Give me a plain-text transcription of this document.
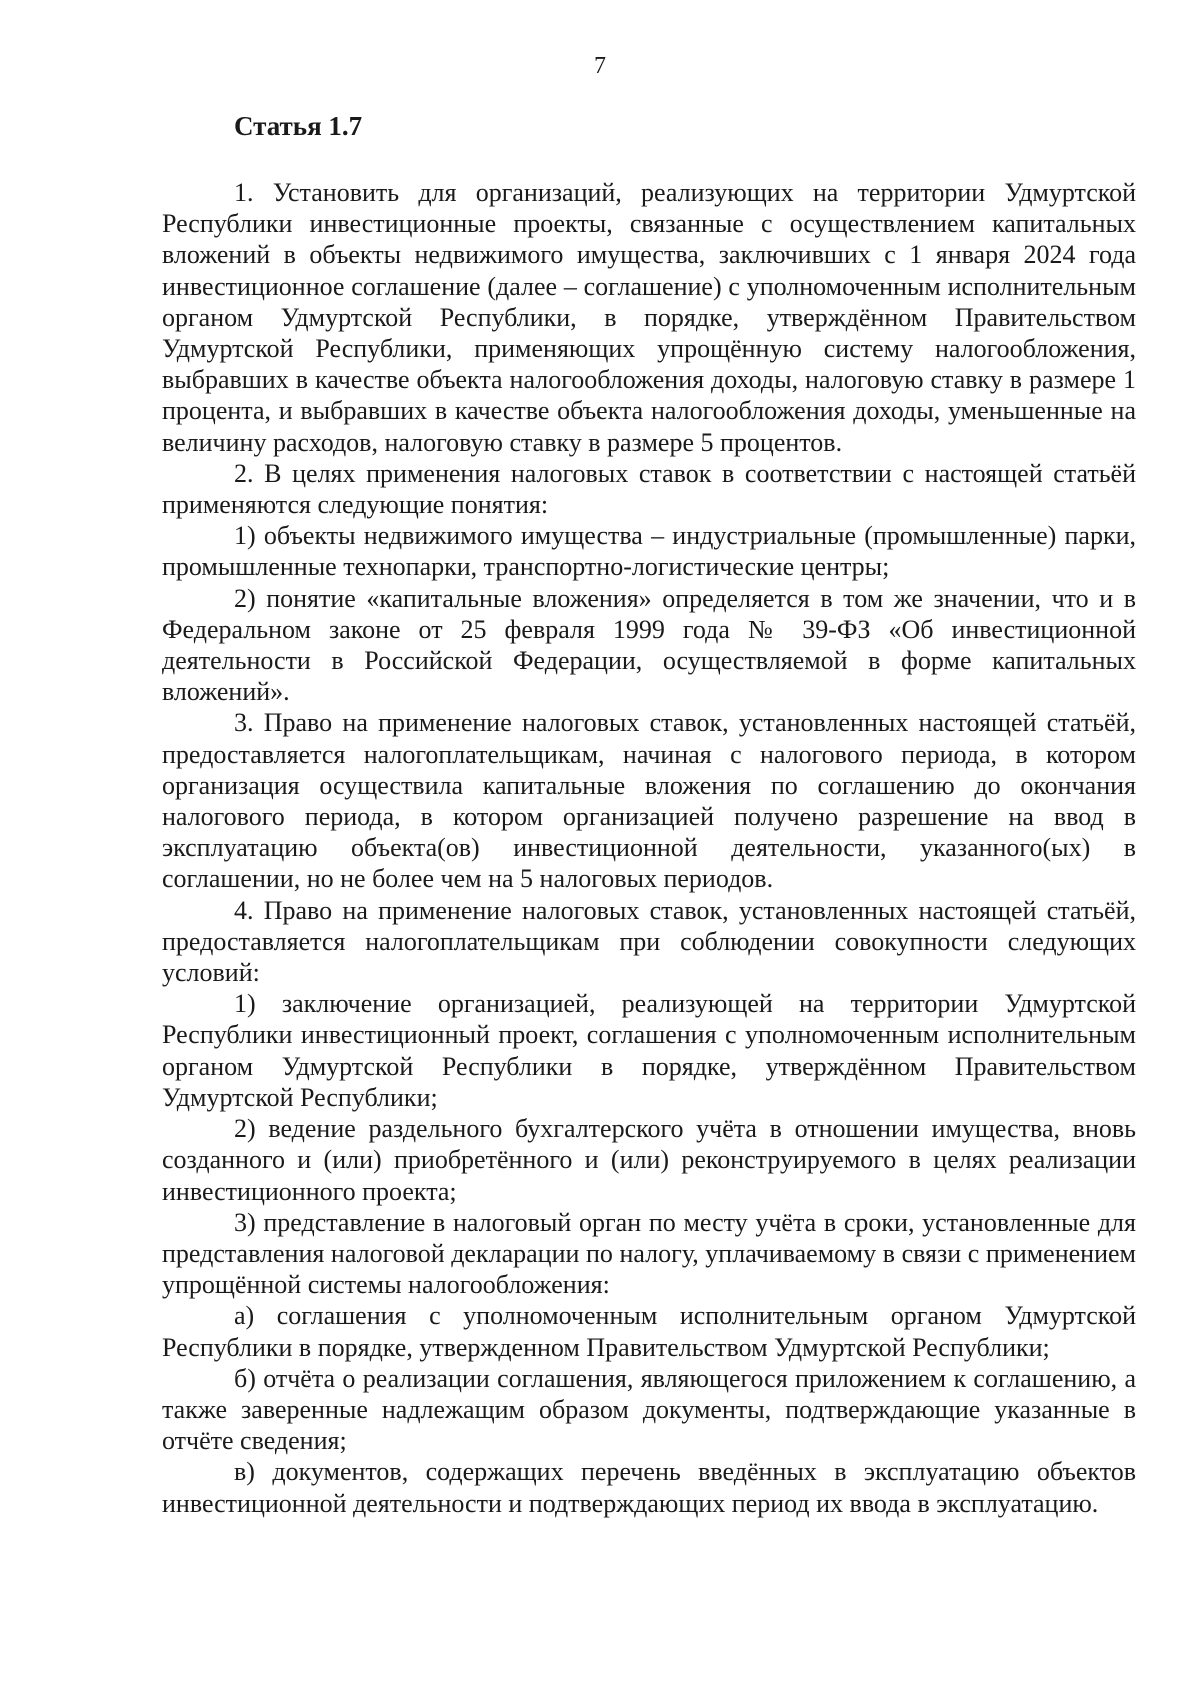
7
Статья 1.7

1. Установить для организаций, реализующих на территории Удмуртской Республики инвестиционные проекты, связанные с осуществлением капитальных вложений в объекты недвижимого имущества, заключивших с 1 января 2024 года инвестиционное соглашение (далее – соглашение) с уполномоченным исполнительным органом Удмуртской Республики, в порядке, утверждённом Правительством Удмуртской Республики, применяющих упрощённую систему налогообложения, выбравших в качестве объекта налогообложения доходы, налоговую ставку в размере 1 процента, и выбравших в качестве объекта налогообложения доходы, уменьшенные на величину расходов, налоговую ставку в размере 5 процентов.

2. В целях применения налоговых ставок в соответствии с настоящей статьёй применяются следующие понятия:

1) объекты недвижимого имущества – индустриальные (промышленные) парки, промышленные технопарки, транспортно-логистические центры;

2) понятие «капитальные вложения» определяется в том же значении, что и в Федеральном законе от 25 февраля 1999 года № 39-ФЗ «Об инвестиционной деятельности в Российской Федерации, осуществляемой в форме капитальных вложений».

3. Право на применение налоговых ставок, установленных настоящей статьёй, предоставляется налогоплательщикам, начиная с налогового периода, в котором организация осуществила капитальные вложения по соглашению до окончания налогового периода, в котором организацией получено разрешение на ввод в эксплуатацию объекта(ов) инвестиционной деятельности, указанного(ых) в соглашении, но не более чем на 5 налоговых периодов.

4. Право на применение налоговых ставок, установленных настоящей статьёй, предоставляется налогоплательщикам при соблюдении совокупности следующих условий:

1) заключение организацией, реализующей на территории Удмуртской Республики инвестиционный проект, соглашения с уполномоченным исполнительным органом Удмуртской Республики в порядке, утверждённом Правительством Удмуртской Республики;

2) ведение раздельного бухгалтерского учёта в отношении имущества, вновь созданного и (или) приобретённого и (или) реконструируемого в целях реализации инвестиционного проекта;

3) представление в налоговый орган по месту учёта в сроки, установленные для представления налоговой декларации по налогу, уплачиваемому в связи с применением упрощённой системы налогообложения:

а) соглашения с уполномоченным исполнительным органом Удмуртской Республики в порядке, утвержденном Правительством Удмуртской Республики;

б) отчёта о реализации соглашения, являющегося приложением к соглашению, а также заверенные надлежащим образом документы, подтверждающие указанные в отчёте сведения;

в) документов, содержащих перечень введённых в эксплуатацию объектов инвестиционной деятельности и подтверждающих период их ввода в эксплуатацию.
